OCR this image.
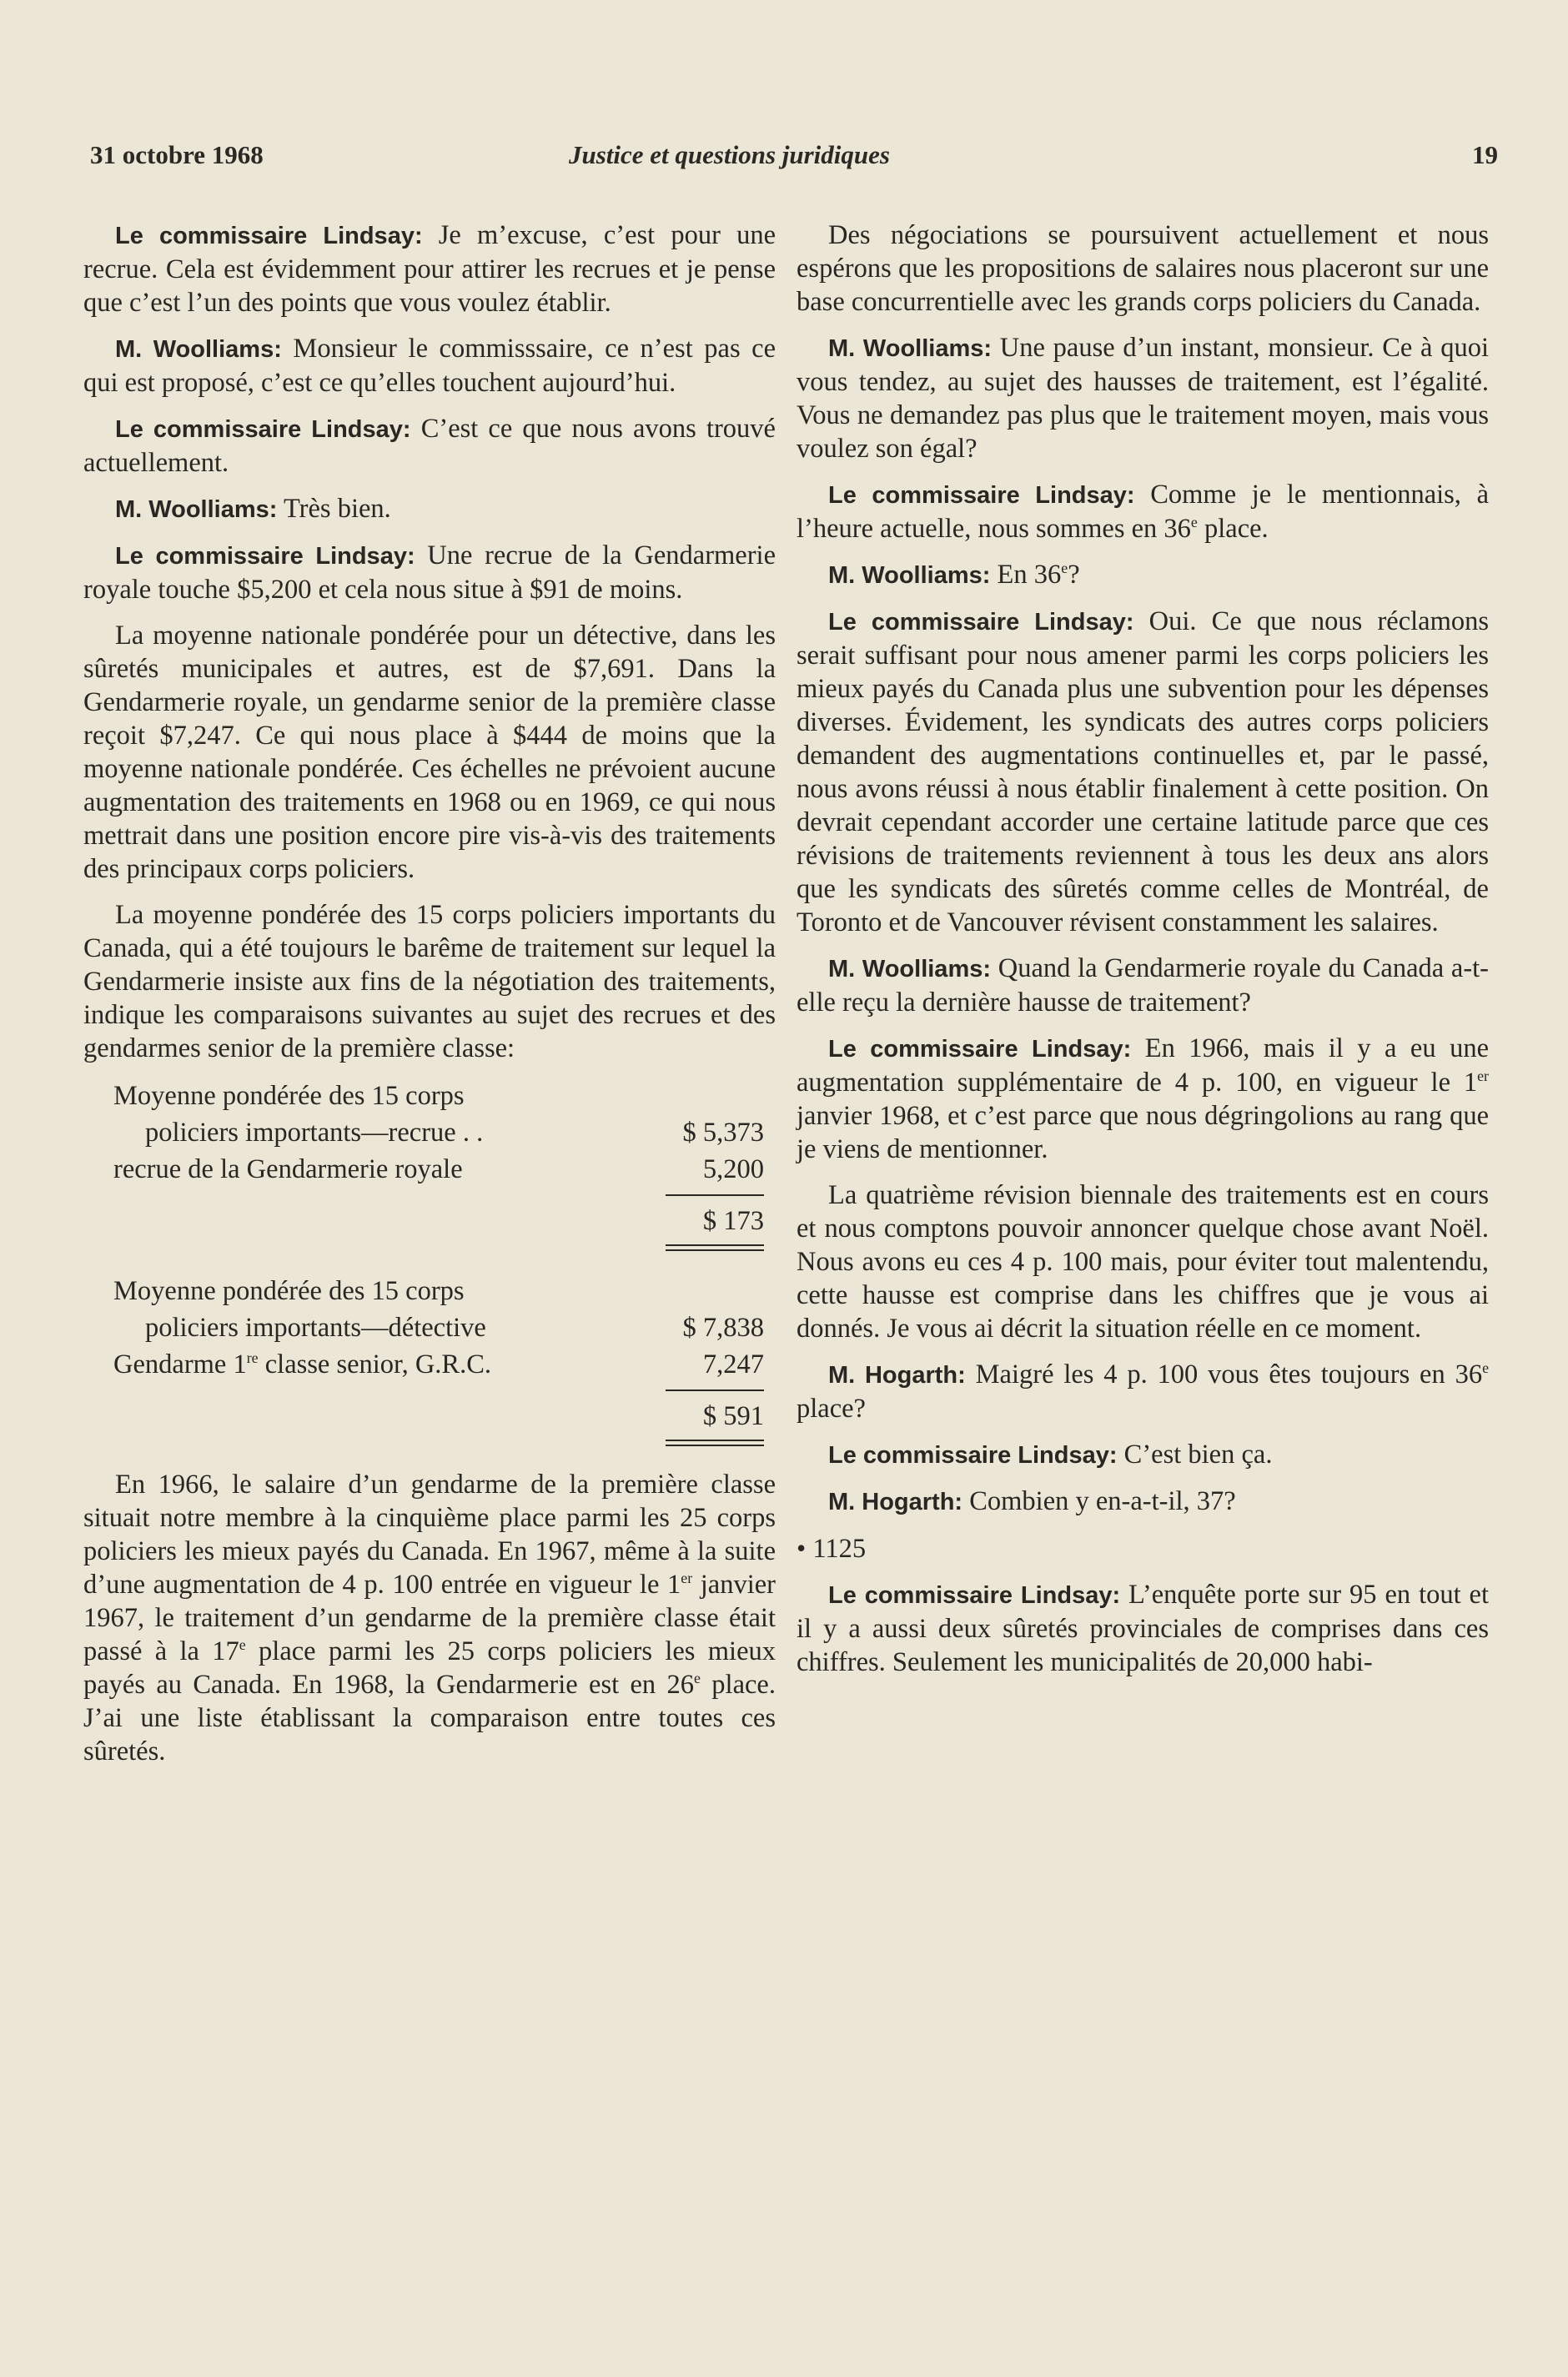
31 octobre 1968	Justice et questions juridiques	19

Le commissaire Lindsay: Je m’excuse, c’est pour une recrue. Cela est évidemment pour attirer les recrues et je pense que c’est l’un des points que vous voulez établir.

M. Woolliams: Monsieur le commisssaire, ce n’est pas ce qui est proposé, c’est ce qu’elles touchent aujourd’hui.

Le commissaire Lindsay: C’est ce que nous avons trouvé actuellement.

M. Woolliams: Très bien.

Le commissaire Lindsay: Une recrue de la Gendarmerie royale touche $5,200 et cela nous situe à $91 de moins.

La moyenne nationale pondérée pour un détective, dans les sûretés municipales et autres, est de $7,691. Dans la Gendarmerie royale, un gendarme senior de la première classe reçoit $7,247. Ce qui nous place à $444 de moins que la moyenne nationale pondérée. Ces échelles ne prévoient aucune augmentation des traitements en 1968 ou en 1969, ce qui nous mettrait dans une position encore pire vis-à-vis des traitements des principaux corps policiers.

La moyenne pondérée des 15 corps policiers importants du Canada, qui a été toujours le barême de traitement sur lequel la Gendarmerie insiste aux fins de la négotiation des traitements, indique les comparaisons suivantes au sujet des recrues et des gendarmes senior de la première classe:

Moyenne pondérée des 15 corps
policiers importants—recrue . .	$ 5,373
recrue de la Gendarmerie royale	5,200
$ 173
Moyenne pondérée des 15 corps
policiers importants—détective	$ 7,838
Gendarme 1re classe senior, G.R.C.	7,247
$ 591

En 1966, le salaire d’un gendarme de la première classe situait notre membre à la cinquième place parmi les 25 corps policiers les mieux payés du Canada. En 1967, même à la suite d’une augmentation de 4 p. 100 entrée en vigueur le 1er janvier 1967, le traitement d’un gendarme de la première classe était passé à la 17e place parmi les 25 corps policiers les mieux payés au Canada. En 1968, la Gendarmerie est en 26e place. J’ai une liste établissant la comparaison entre toutes ces sûretés.

Des négociations se poursuivent actuellement et nous espérons que les propositions de salaires nous placeront sur une base concurrentielle avec les grands corps policiers du Canada.

M. Woolliams: Une pause d’un instant, monsieur. Ce à quoi vous tendez, au sujet des hausses de traitement, est l’égalité. Vous ne demandez pas plus que le traitement moyen, mais vous voulez son égal?

Le commissaire Lindsay: Comme je le mentionnais, à l’heure actuelle, nous sommes en 36e place.

M. Woolliams: En 36e?

Le commissaire Lindsay: Oui. Ce que nous réclamons serait suffisant pour nous amener parmi les corps policiers les mieux payés du Canada plus une subvention pour les dépenses diverses. Évidement, les syndicats des autres corps policiers demandent des augmentations continuelles et, par le passé, nous avons réussi à nous établir finalement à cette position. On devrait cependant accorder une certaine latitude parce que ces révisions de traitements reviennent à tous les deux ans alors que les syndicats des sûretés comme celles de Montréal, de Toronto et de Vancouver révisent constamment les salaires.

M. Woolliams: Quand la Gendarmerie royale du Canada a-t-elle reçu la dernière hausse de traitement?

Le commissaire Lindsay: En 1966, mais il y a eu une augmentation supplémentaire de 4 p. 100, en vigueur le 1er janvier 1968, et c’est parce que nous dégringolions au rang que je viens de mentionner.

La quatrième révision biennale des traitements est en cours et nous comptons pouvoir annoncer quelque chose avant Noël. Nous avons eu ces 4 p. 100 mais, pour éviter tout malentendu, cette hausse est comprise dans les chiffres que je vous ai donnés. Je vous ai décrit la situation réelle en ce moment.

M. Hogarth: Maigré les 4 p. 100 vous êtes toujours en 36e place?

Le commissaire Lindsay: C’est bien ça.

M. Hogarth: Combien y en-a-t-il, 37?

• 1125

Le commissaire Lindsay: L’enquête porte sur 95 en tout et il y a aussi deux sûretés provinciales de comprises dans ces chiffres. Seulement les municipalités de 20,000 habi-
